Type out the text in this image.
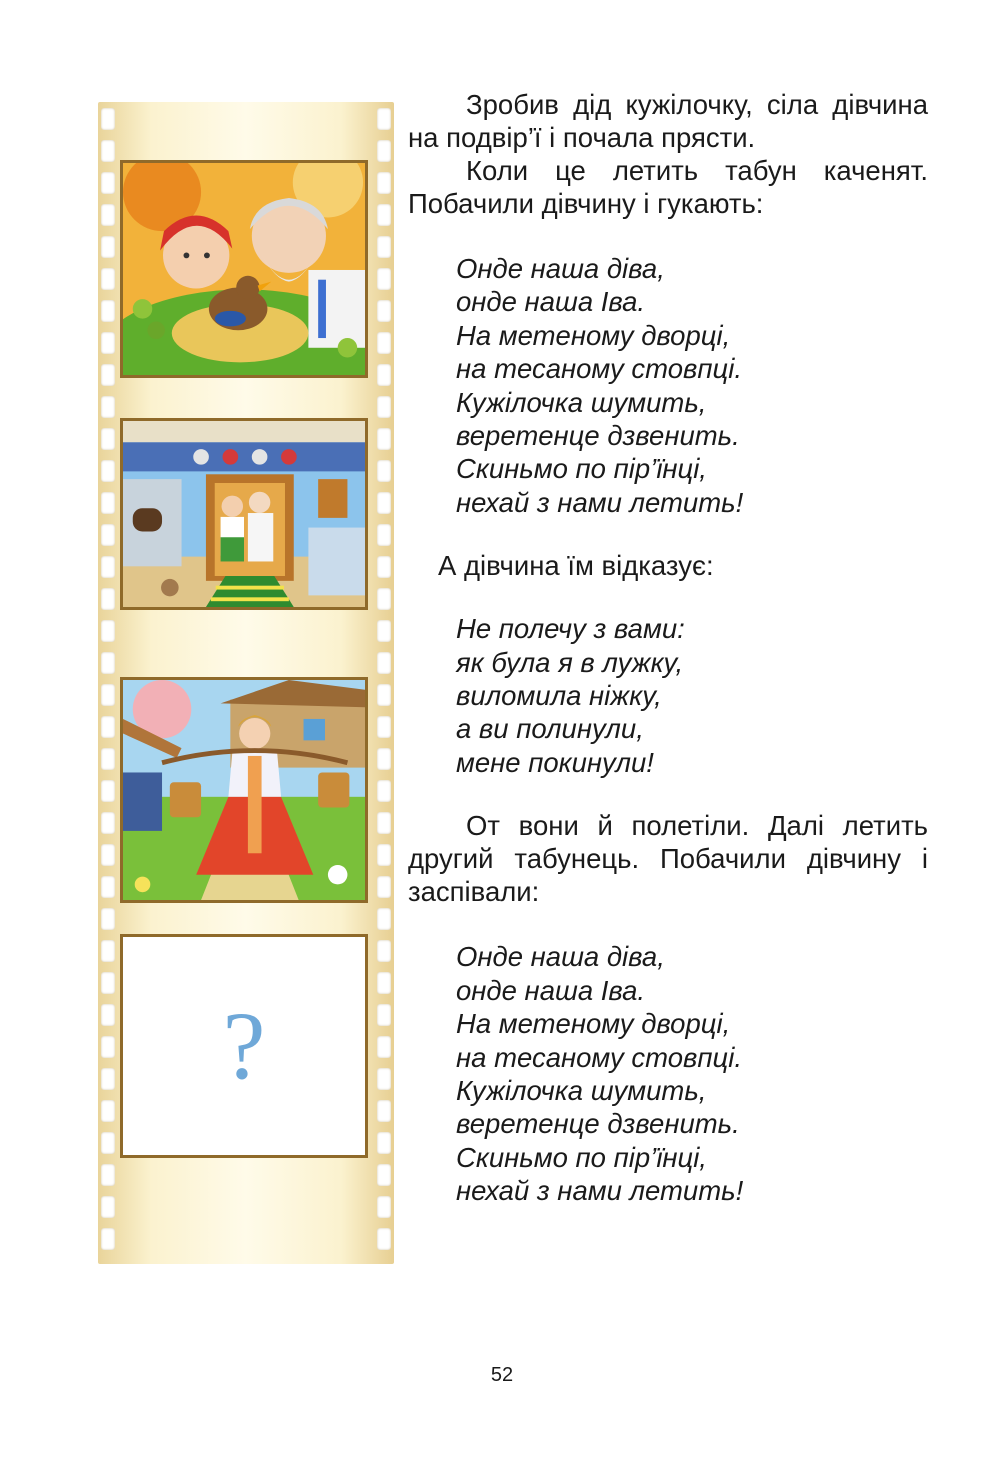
?

Зробив дід кужілочку, сіла дівчина на подвір’ї і почала прясти.

Коли це летить табун каченят. Побачили дівчину і гукають:

Онде наша діва,
онде наша Іва.
На метеному дворці,
на тесаному стовпці.
Кужілочка шумить,
веретенце дзвенить.
Скиньмо по пір’їнці,
нехай з нами летить!

А дівчина їм відказує:

Не полечу з вами:
як була я в лужку,
виломила ніжку,
а ви полинули,
мене покинули!

От вони й полетіли. Далі летить другий табунець. Побачили дівчину і заспівали:

Онде наша діва,
онде наша Іва.
На метеному дворці,
на тесаному стовпці.
Кужілочка шумить,
веретенце дзвенить.
Скиньмо по пір’їнці,
нехай з нами летить!
52
